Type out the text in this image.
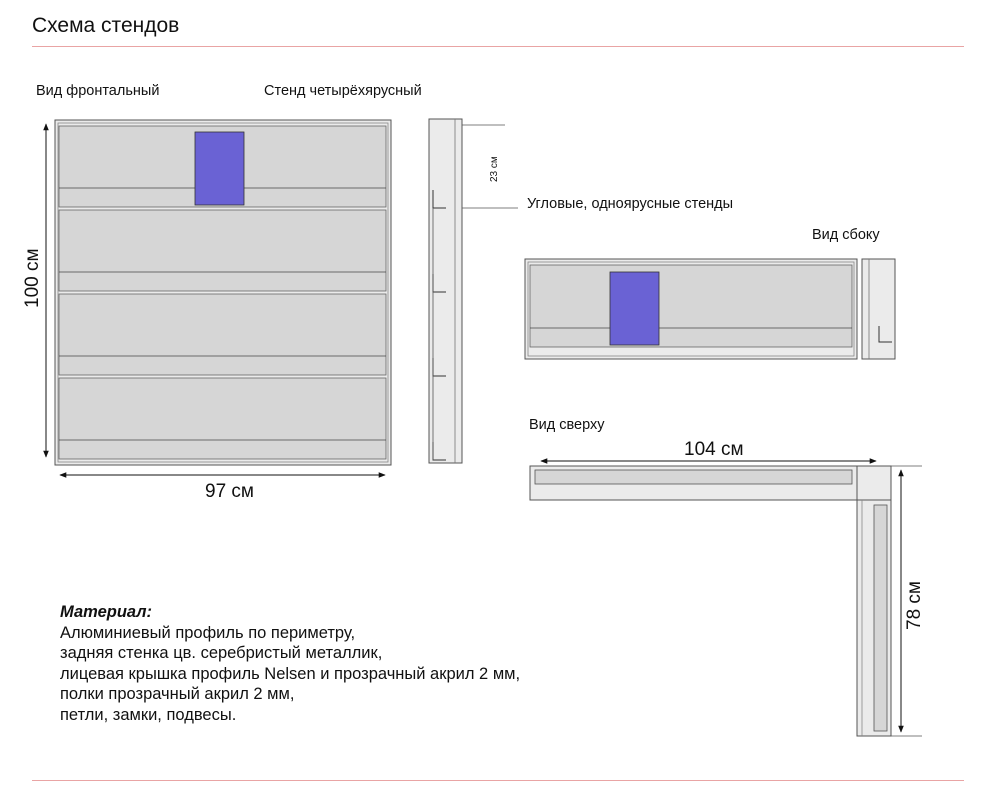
Схема стендов
Вид фронтальный	Стенд четырёхярусный
Угловые, одноярусные стенды
Вид сбоку
Вид сверху
100 см
97 см
23 см
104 см
78 см
Материал:
Алюминиевый профиль по периметру,
задняя стенка цв. серебристый металлик,
лицевая крышка профиль Nelsen и прозрачный акрил 2 мм,
полки прозрачный акрил 2 мм,
петли, замки, подвесы.
